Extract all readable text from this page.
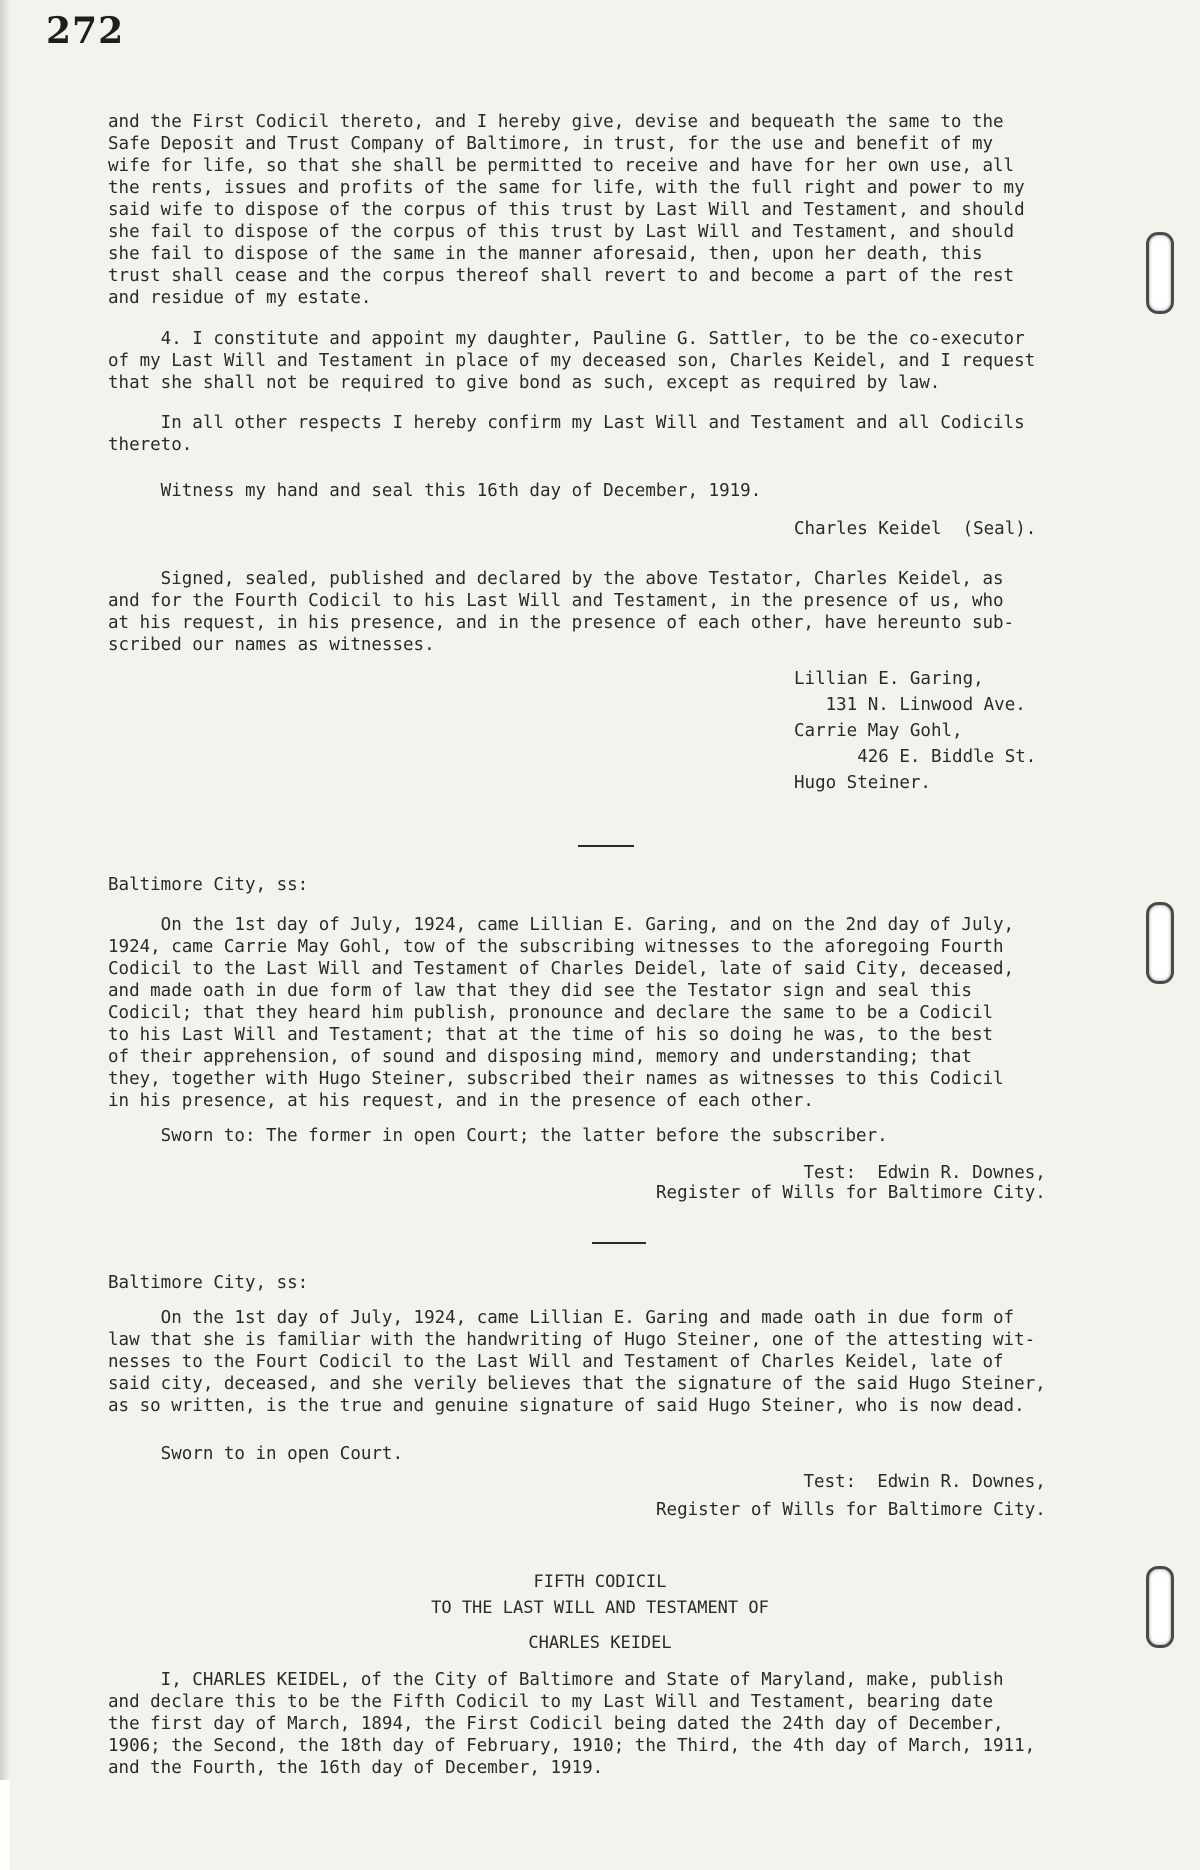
272
and the First Codicil thereto, and I hereby give, devise and bequeath the same to the
Safe Deposit and Trust Company of Baltimore, in trust, for the use and benefit of my
wife for life, so that she shall be permitted to receive and have for her own use, all
the rents, issues and profits of the same for life, with the full right and power to my
said wife to dispose of the corpus of this trust by Last Will and Testament, and should
she fail to dispose of the corpus of this trust by Last Will and Testament, and should
she fail to dispose of the same in the manner aforesaid, then, upon her death, this
trust shall cease and the corpus thereof shall revert to and become a part of the rest
and residue of my estate.
4. I constitute and appoint my daughter, Pauline G. Sattler, to be the co-executor
of my Last Will and Testament in place of my deceased son, Charles Keidel, and I request
that she shall not be required to give bond as such, except as required by law.
In all other respects I hereby confirm my Last Will and Testament and all Codicils
thereto.
Witness my hand and seal this 16th day of December, 1919.
Charles Keidel  (Seal).
Signed, sealed, published and declared by the above Testator, Charles Keidel, as
and for the Fourth Codicil to his Last Will and Testament, in the presence of us, who
at his request, in his presence, and in the presence of each other, have hereunto sub-
scribed our names as witnesses.
Lillian E. Garing,
131 N. Linwood Ave.
Carrie May Gohl,
426 E. Biddle St.
Hugo Steiner.
Baltimore City, ss:
On the 1st day of July, 1924, came Lillian E. Garing, and on the 2nd day of July,
1924, came Carrie May Gohl, tow of the subscribing witnesses to the aforegoing Fourth
Codicil to the Last Will and Testament of Charles Deidel, late of said City, deceased,
and made oath in due form of law that they did see the Testator sign and seal this
Codicil; that they heard him publish, pronounce and declare the same to be a Codicil
to his Last Will and Testament; that at the time of his so doing he was, to the best
of their apprehension, of sound and disposing mind, memory and understanding; that
they, together with Hugo Steiner, subscribed their names as witnesses to this Codicil
in his presence, at his request, and in the presence of each other.
Sworn to: The former in open Court; the latter before the subscriber.
Test:  Edwin R. Downes,
Register of Wills for Baltimore City.
Baltimore City, ss:
On the 1st day of July, 1924, came Lillian E. Garing and made oath in due form of
law that she is familiar with the handwriting of Hugo Steiner, one of the attesting wit-
nesses to the Fourt Codicil to the Last Will and Testament of Charles Keidel, late of
said city, deceased, and she verily believes that the signature of the said Hugo Steiner,
as so written, is the true and genuine signature of said Hugo Steiner, who is now dead.
Sworn to in open Court.
Test:  Edwin R. Downes,
Register of Wills for Baltimore City.
FIFTH CODICIL
TO THE LAST WILL AND TESTAMENT OF
CHARLES KEIDEL
I, CHARLES KEIDEL, of the City of Baltimore and State of Maryland, make, publish
and declare this to be the Fifth Codicil to my Last Will and Testament, bearing date
the first day of March, 1894, the First Codicil being dated the 24th day of December,
1906; the Second, the 18th day of February, 1910; the Third, the 4th day of March, 1911,
and the Fourth, the 16th day of December, 1919.
